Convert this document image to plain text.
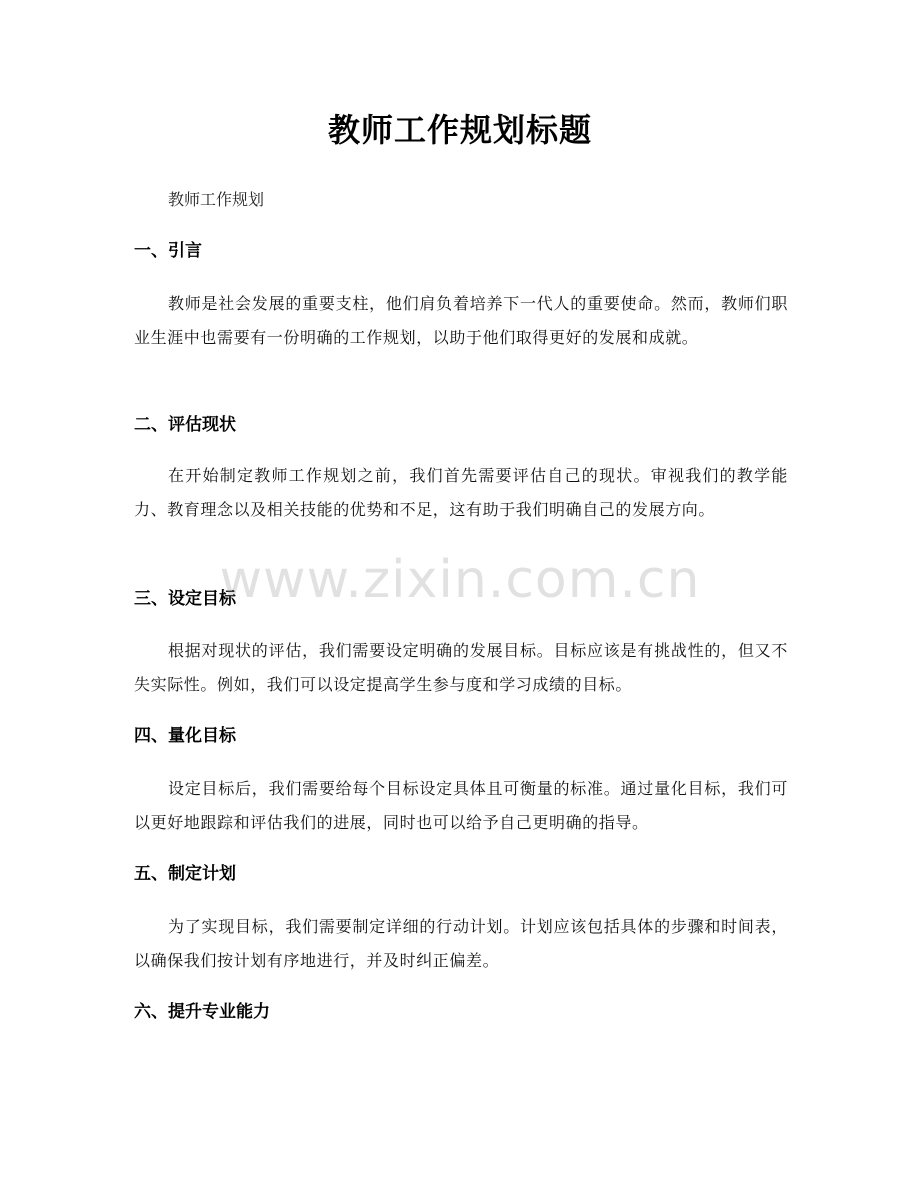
教师工作规划标题
教师工作规划
一、引言
教师是社会发展的重要支柱，他们肩负着培养下一代人的重要使命。然而，教师们职业生涯中也需要有一份明确的工作规划，以助于他们取得更好的发展和成就。
二、评估现状
在开始制定教师工作规划之前，我们首先需要评估自己的现状。审视我们的教学能力、教育理念以及相关技能的优势和不足，这有助于我们明确自己的发展方向。
三、设定目标
根据对现状的评估，我们需要设定明确的发展目标。目标应该是有挑战性的，但又不失实际性。例如，我们可以设定提高学生参与度和学习成绩的目标。
四、量化目标
设定目标后，我们需要给每个目标设定具体且可衡量的标准。通过量化目标，我们可以更好地跟踪和评估我们的进展，同时也可以给予自己更明确的指导。
五、制定计划
为了实现目标，我们需要制定详细的行动计划。计划应该包括具体的步骤和时间表，以确保我们按计划有序地进行，并及时纠正偏差。
六、提升专业能力
www.zixin.com.cn
